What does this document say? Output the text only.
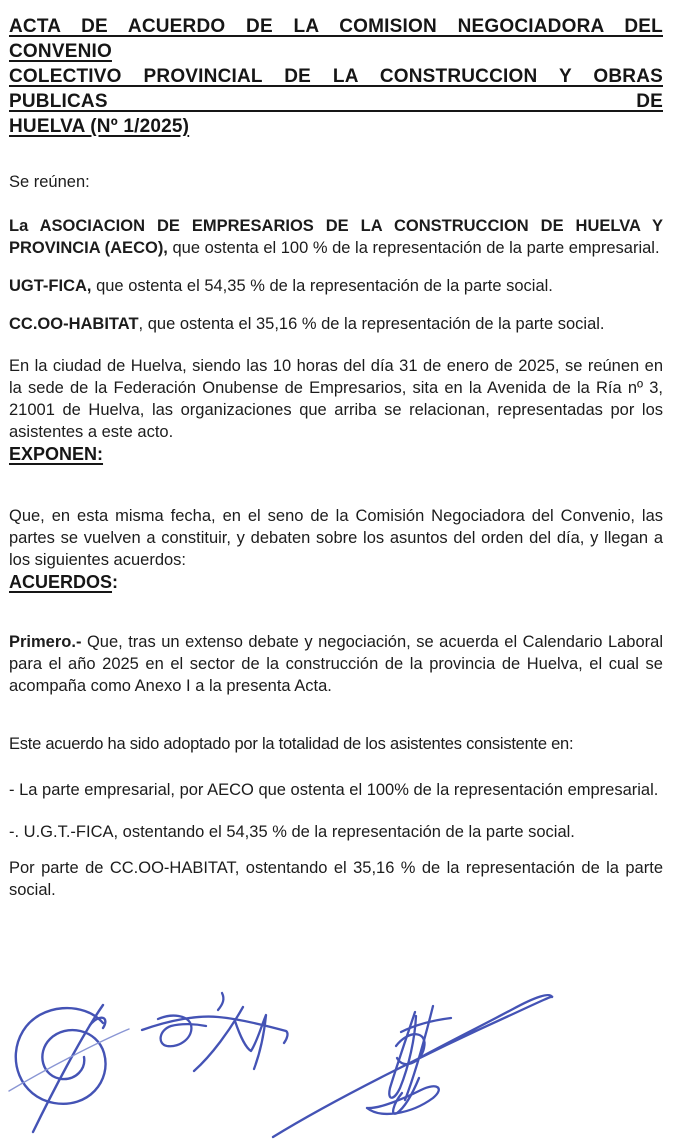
ACTA DE ACUERDO DE LA COMISION NEGOCIADORA DEL CONVENIO
COLECTIVO PROVINCIAL DE LA CONSTRUCCION Y OBRAS PUBLICAS DE
HUELVA (Nº 1/2025)

Se reúnen:

La ASOCIACION DE EMPRESARIOS DE LA CONSTRUCCION DE HUELVA Y PROVINCIA (AECO), que ostenta el 100 % de la representación de la parte empresarial.

UGT-FICA, que ostenta el 54,35 % de la representación de la parte social.

CC.OO-HABITAT, que ostenta el 35,16 % de la representación de la parte social.

En la ciudad de Huelva, siendo las 10 horas del día 31 de enero de 2025, se reúnen en la sede de la Federación Onubense de Empresarios, sita en la Avenida de la Ría nº 3, 21001 de Huelva, las organizaciones que arriba se relacionan, representadas por los asistentes a este acto.

EXPONEN:

Que, en esta misma fecha, en el seno de la Comisión Negociadora del Convenio, las partes se vuelven a constituir, y debaten sobre los asuntos del orden del día, y llegan a los siguientes acuerdos:

ACUERDOS:

Primero.- Que, tras un extenso debate y negociación, se acuerda el Calendario Laboral para el año 2025 en el sector de la construcción de la provincia de Huelva, el cual se acompaña como Anexo I a la presenta Acta.

Este acuerdo ha sido adoptado por la totalidad de los asistentes consistente en:

- La parte empresarial, por AECO que ostenta el 100% de la representación empresarial.

-. U.G.T.-FICA, ostentando el 54,35 % de la representación de la parte social.

Por parte de CC.OO-HABITAT, ostentando el 35,16 % de la representación de la parte social.
